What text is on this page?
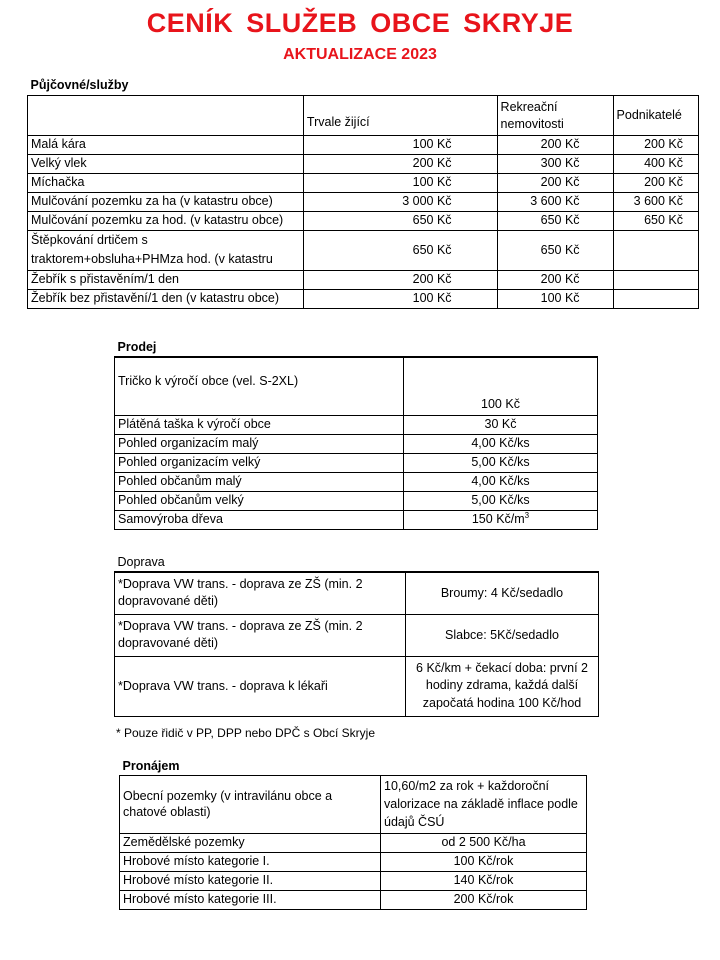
CENÍK SLUŽEB OBCE SKRYJE
AKTUALIZACE 2023
Půjčovné/služby			
	Trvale žijící	Rekreační nemovitosti	Podnikatelé
Malá kára	100 Kč	200 Kč	200 Kč
Velký vlek	200 Kč	300 Kč	400 Kč
Míchačka	100 Kč	200 Kč	200 Kč
Mulčování pozemku za ha (v katastru obce)	3 000 Kč	3 600 Kč	3 600 Kč
Mulčování pozemku za hod. (v katastru obce)	650 Kč	650 Kč	650 Kč
Štěpkování drtičem s traktorem+obsluha+PHMza hod. (v katastru	650 Kč	650 Kč	
Žebřík s přistavěním/1 den	200 Kč	200 Kč	
Žebřík bez přistavění/1 den (v katastru obce)	100 Kč	100 Kč	
Prodej	
Tričko k výročí obce (vel. S-2XL)	100 Kč
Plátěná taška k výročí obce	30 Kč
Pohled organizacím malý	4,00 Kč/ks
Pohled organizacím velký	5,00 Kč/ks
Pohled občanům malý	4,00 Kč/ks
Pohled občanům velký	5,00 Kč/ks
Samovýroba dřeva	150 $Kč/m^3$
Doprava	
*Doprava VW trans. - doprava ze ZŠ (min. 2 dopravované děti)	Broumy: 4 Kč/sedadlo
*Doprava VW trans. - doprava ze ZŠ (min. 2 dopravované děti)	Slabce: 5Kč/sedadlo
*Doprava VW trans. - doprava k lékaři	6 Kč/km + čekací doba: první 2 hodiny zdrama, každá další započatá hodina 100 Kč/hod

* Pouze řidič v PP, DPP nebo DPČ s Obcí Skryje

Pronájem	
Obecní pozemky (v intravilánu obce a chatové oblasti)	10,60/m2 za rok + každoroční valorizace na základě inflace podle údajů ČSÚ
Zemědělské pozemky	od 2 500 Kč/ha
Hrobové místo kategorie I.	100 Kč/rok
Hrobové místo kategorie II.	140 Kč/rok
Hrobové místo kategorie III.	200 Kč/rok
